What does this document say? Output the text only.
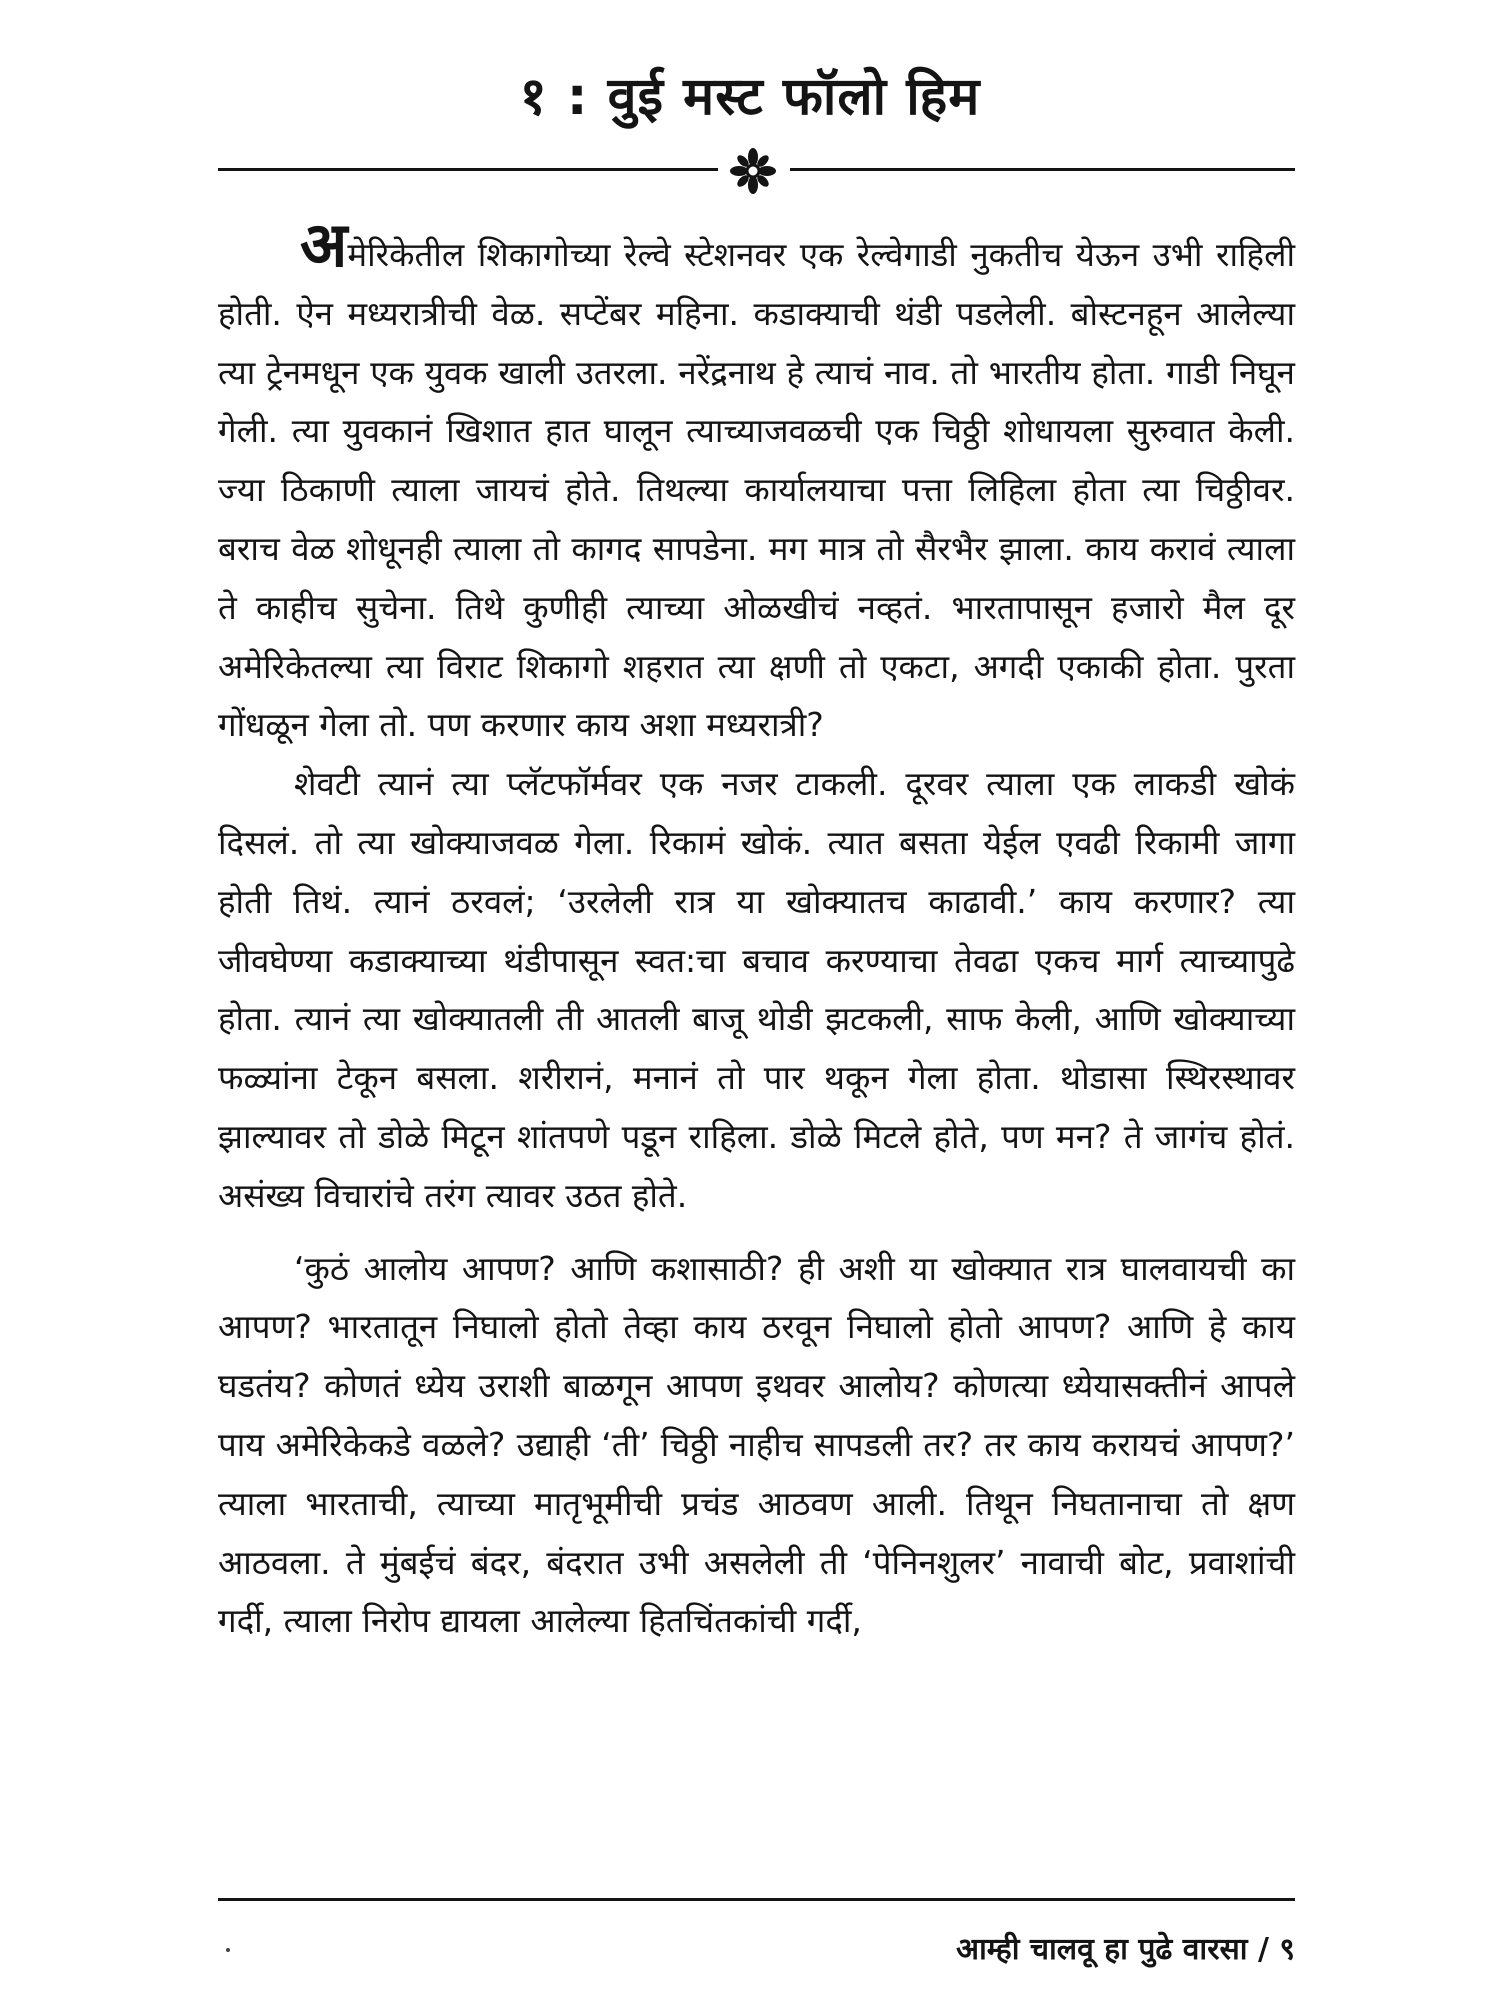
१ : वुई मस्ट फॉलो हिम

अमेरिकेतील शिकागोच्या रेल्वे स्टेशनवर एक रेल्वेगाडी नुकतीच येऊन उभी राहिली होती. ऐन मध्यरात्रीची वेळ. सप्टेंबर महिना. कडाक्याची थंडी पडलेली. बोस्टनहून आलेल्या त्या ट्रेनमधून एक युवक खाली उतरला. नरेंद्रनाथ हे त्याचं नाव. तो भारतीय होता. गाडी निघून गेली. त्या युवकानं खिशात हात घालून त्याच्याजवळची एक चिठ्ठी शोधायला सुरुवात केली. ज्या ठिकाणी त्याला जायचं होते. तिथल्या कार्यालयाचा पत्ता लिहिला होता त्या चिठ्ठीवर. बराच वेळ शोधूनही त्याला तो कागद सापडेना. मग मात्र तो सैरभैर झाला. काय करावं त्याला ते काहीच सुचेना. तिथे कुणीही त्याच्या ओळखीचं नव्हतं. भारतापासून हजारो मैल दूर अमेरिकेतल्या त्या विराट शिकागो शहरात त्या क्षणी तो एकटा, अगदी एकाकी होता. पुरता गोंधळून गेला तो. पण करणार काय अशा मध्यरात्री?

शेवटी त्यानं त्या प्लॅटफॉर्मवर एक नजर टाकली. दूरवर त्याला एक लाकडी खोकं दिसलं. तो त्या खोक्याजवळ गेला. रिकामं खोकं. त्यात बसता येईल एवढी रिकामी जागा होती तिथं. त्यानं ठरवलं; ‘उरलेली रात्र या खोक्यातच काढावी.’ काय करणार? त्या जीवघेण्या कडाक्याच्या थंडीपासून स्वत:चा बचाव करण्याचा तेवढा एकच मार्ग त्याच्यापुढे होता. त्यानं त्या खोक्यातली ती आतली बाजू थोडी झटकली, साफ केली, आणि खोक्याच्या फळ्यांना टेकून बसला. शरीरानं, मनानं तो पार थकून गेला होता. थोडासा स्थिरस्थावर झाल्यावर तो डोळे मिटून शांतपणे पडून राहिला. डोळे मिटले होते, पण मन? ते जागंच होतं. असंख्य विचारांचे तरंग त्यावर उठत होते.

‘कुठं आलोय आपण? आणि कशासाठी? ही अशी या खोक्यात रात्र घालवायची का आपण? भारतातून निघालो होतो तेव्हा काय ठरवून निघालो होतो आपण? आणि हे काय घडतंय? कोणतं ध्येय उराशी बाळगून आपण इथवर आलोय? कोणत्या ध्येयासक्तीनं आपले पाय अमेरिकेकडे वळले? उद्याही ‘ती’ चिठ्ठी नाहीच सापडली तर? तर काय करायचं आपण?’ त्याला भारताची, त्याच्या मातृभूमीची प्रचंड आठवण आली. तिथून निघतानाचा तो क्षण आठवला. ते मुंबईचं बंदर, बंदरात उभी असलेली ती ‘पेनिनशुलर’ नावाची बोट, प्रवाशांची गर्दी, त्याला निरोप द्यायला आलेल्या हितचिंतकांची गर्दी,

आम्ही चालवू हा पुढे वारसा / ९
